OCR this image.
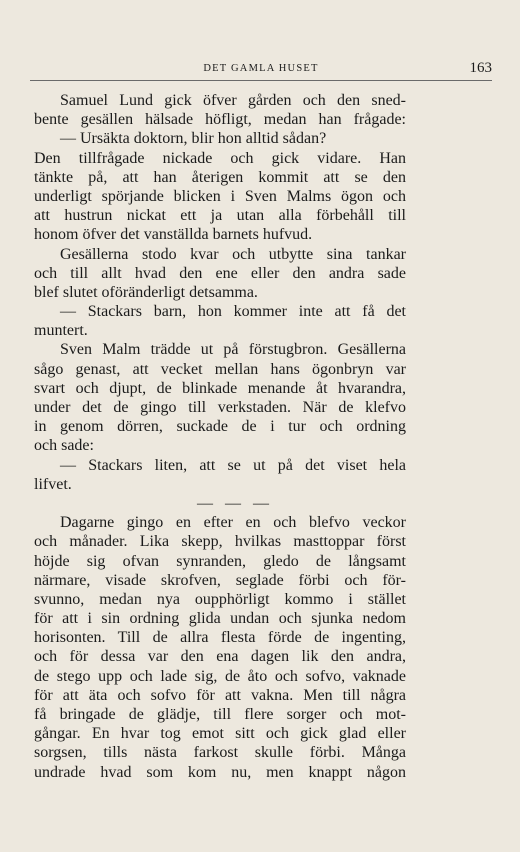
DET GAMLA HUSET	163
Samuel Lund gick öfver gården och den sned-
bente gesällen hälsade höfligt, medan han frågade:
— Ursäkta doktorn, blir hon alltid sådan?
Den tillfrågade nickade och gick vidare. Han
tänkte på, att han återigen kommit att se den
underligt spörjande blicken i Sven Malms ögon och
att hustrun nickat ett ja utan alla förbehåll till
honom öfver det vanställda barnets hufvud.
Gesällerna stodo kvar och utbytte sina tankar
och till allt hvad den ene eller den andra sade
blef slutet oföränderligt detsamma.
— Stackars barn, hon kommer inte att få det
muntert.
Sven Malm trädde ut på förstugbron. Gesällerna
sågo genast, att vecket mellan hans ögonbryn var
svart och djupt, de blinkade menande åt hvarandra,
under det de gingo till verkstaden. När de klefvo
in genom dörren, suckade de i tur och ordning
och sade:
— Stackars liten, att se ut på det viset hela
lifvet.
— — —
Dagarne gingo en efter en och blefvo veckor
och månader. Lika skepp, hvilkas masttoppar först
höjde sig ofvan synranden, gledo de långsamt
närmare, visade skrofven, seglade förbi och för-
svunno, medan nya oupphörligt kommo i stället
för att i sin ordning glida undan och sjunka nedom
horisonten. Till de allra flesta förde de ingenting,
och för dessa var den ena dagen lik den andra,
de stego upp och lade sig, de åto och sofvo, vaknade
för att äta och sofvo för att vakna. Men till några
få bringade de glädje, till flere sorger och mot-
gångar. En hvar tog emot sitt och gick glad eller
sorgsen, tills nästa farkost skulle förbi. Många
undrade hvad som kom nu, men knappt någon
